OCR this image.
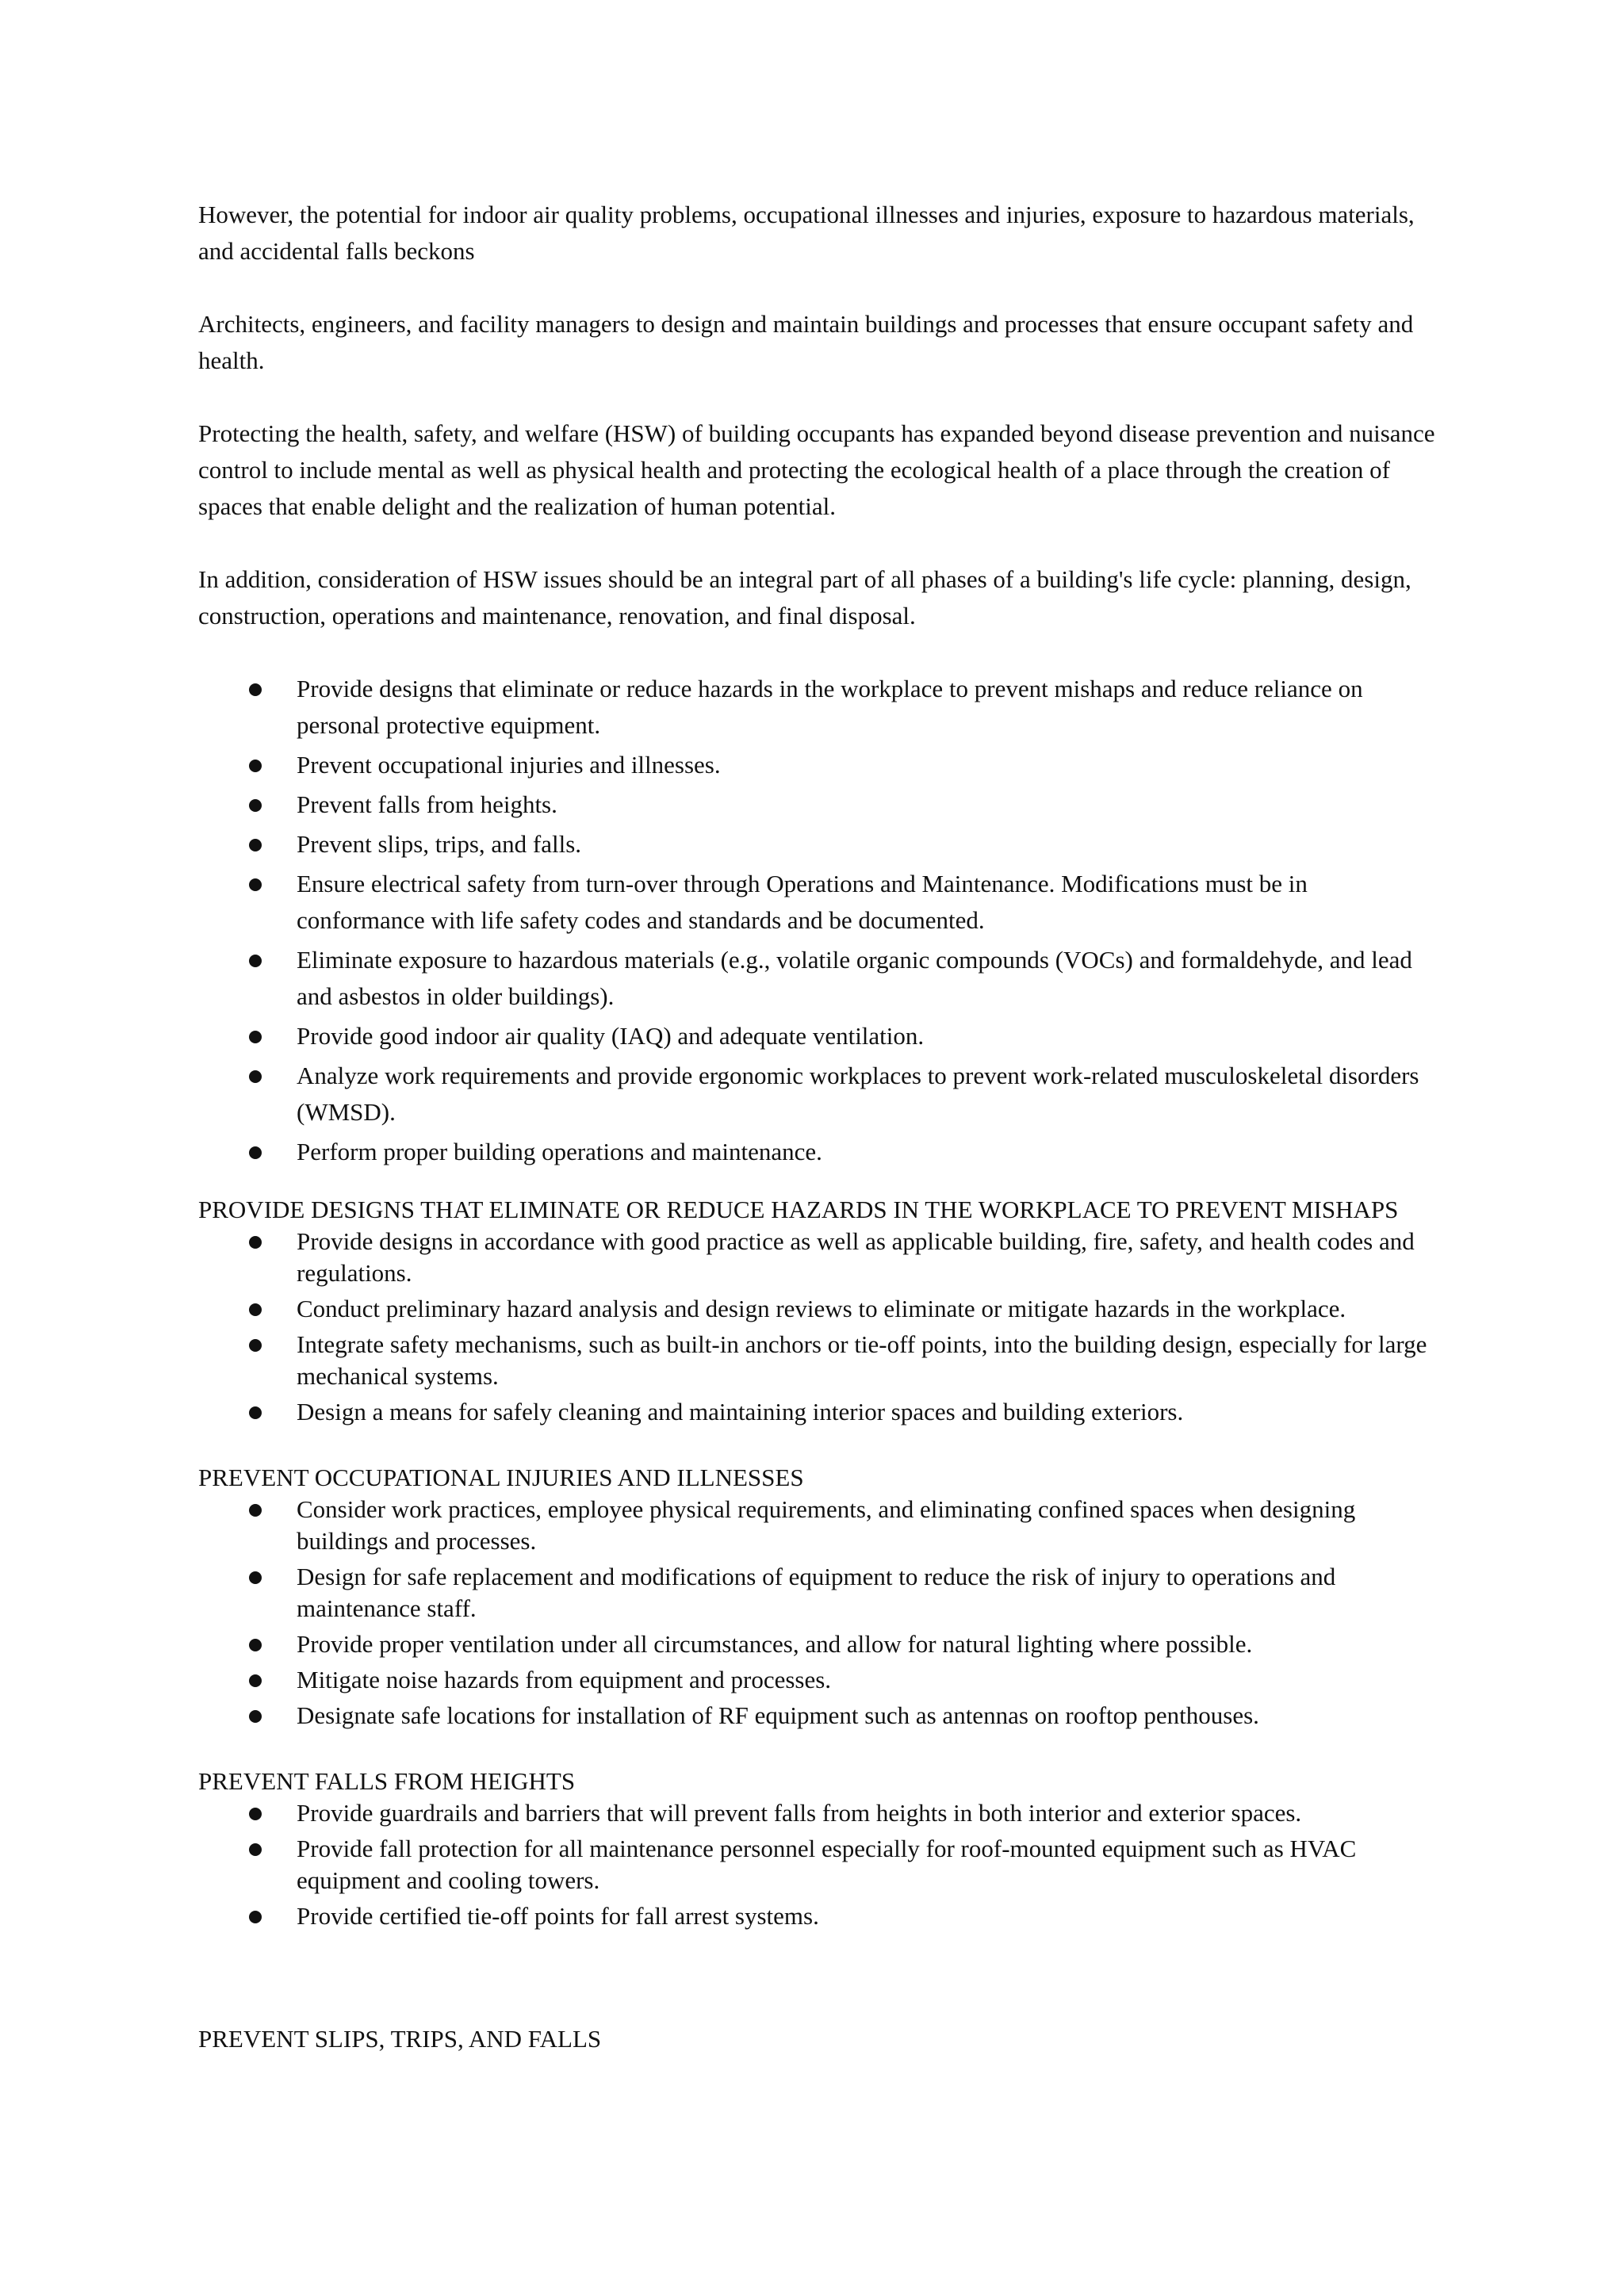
However, the potential for indoor air quality problems, occupational illnesses and injuries, exposure to hazardous materials, and accidental falls beckons

Architects, engineers, and facility managers to design and maintain buildings and processes that ensure occupant safety and health.

Protecting the health, safety, and welfare (HSW) of building occupants has expanded beyond disease prevention and nuisance control to include mental as well as physical health and protecting the ecological health of a place through the creation of spaces that enable delight and the realization of human potential.

In addition, consideration of HSW issues should be an integral part of all phases of a building's life cycle: planning, design, construction, operations and maintenance, renovation, and final disposal.

Provide designs that eliminate or reduce hazards in the workplace to prevent mishaps and reduce reliance on personal protective equipment.
Prevent occupational injuries and illnesses.
Prevent falls from heights.
Prevent slips, trips, and falls.
Ensure electrical safety from turn-over through Operations and Maintenance. Modifications must be in conformance with life safety codes and standards and be documented.
Eliminate exposure to hazardous materials (e.g., volatile organic compounds (VOCs) and formaldehyde, and lead and asbestos in older buildings).
Provide good indoor air quality (IAQ) and adequate ventilation.
Analyze work requirements and provide ergonomic workplaces to prevent work-related musculoskeletal disorders (WMSD).
Perform proper building operations and maintenance.

PROVIDE DESIGNS THAT ELIMINATE OR REDUCE HAZARDS IN THE WORKPLACE TO PREVENT MISHAPS

Provide designs in accordance with good practice as well as applicable building, fire, safety, and health codes and regulations.
Conduct preliminary hazard analysis and design reviews to eliminate or mitigate hazards in the workplace.
Integrate safety mechanisms, such as built-in anchors or tie-off points, into the building design, especially for large mechanical systems.
Design a means for safely cleaning and maintaining interior spaces and building exteriors.

PREVENT OCCUPATIONAL INJURIES AND ILLNESSES

Consider work practices, employee physical requirements, and eliminating confined spaces when designing buildings and processes.
Design for safe replacement and modifications of equipment to reduce the risk of injury to operations and maintenance staff.
Provide proper ventilation under all circumstances, and allow for natural lighting where possible.
Mitigate noise hazards from equipment and processes.
Designate safe locations for installation of RF equipment such as antennas on rooftop penthouses.

PREVENT FALLS FROM HEIGHTS

Provide guardrails and barriers that will prevent falls from heights in both interior and exterior spaces.
Provide fall protection for all maintenance personnel especially for roof-mounted equipment such as HVAC equipment and cooling towers.
Provide certified tie-off points for fall arrest systems.

PREVENT SLIPS, TRIPS, AND FALLS
